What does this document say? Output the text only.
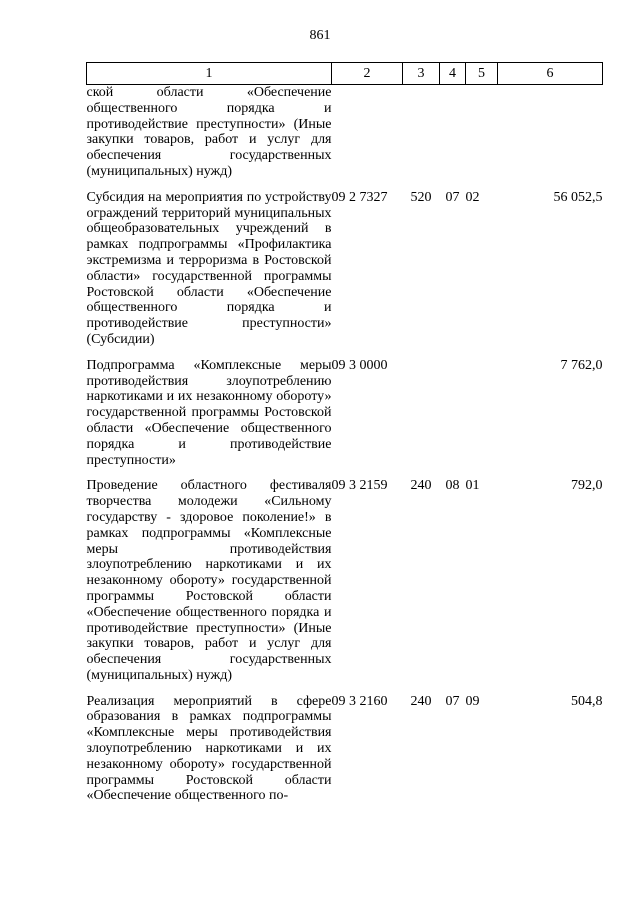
861
1	2	3	4	5	6

ской области «Обеспечение общественного порядка и противодействие преступности» (Иные закупки товаров, работ и услуг для обеспечения государственных (муниципальных) нужд)					

Субсидия на мероприятия по устройству ограждений территорий муниципальных общеобразовательных учреждений в рамках подпрограммы «Профилактика экстремизма и терроризма в Ростовской области» государственной программы Ростовской области «Обеспечение общественного порядка и противодействие преступности» (Субсидии)	09 2 7327	520	07	02	56 052,5

Подпрограмма «Комплексные меры противодействия злоупотреблению наркотиками и их незаконному обороту» государственной программы Ростовской области «Обеспечение общественного порядка и противодействие преступности»	09 3 0000				7 762,0

Проведение областного фестиваля творчества молодежи «Сильному государству - здоровое поколение!» в рамках подпрограммы «Комплексные меры противодействия злоупотреблению наркотиками и их незаконному обороту» государственной программы Ростовской области «Обеспечение общественного порядка и противодействие преступности» (Иные закупки товаров, работ и услуг для обеспечения государственных (муниципальных) нужд)	09 3 2159	240	08	01	792,0

Реализация мероприятий в сфере образования в рамках подпрограммы «Комплексные меры противодействия злоупотреблению наркотиками и их незаконному обороту» государственной программы Ростовской области «Обеспечение общественного по-	09 3 2160	240	07	09	504,8
